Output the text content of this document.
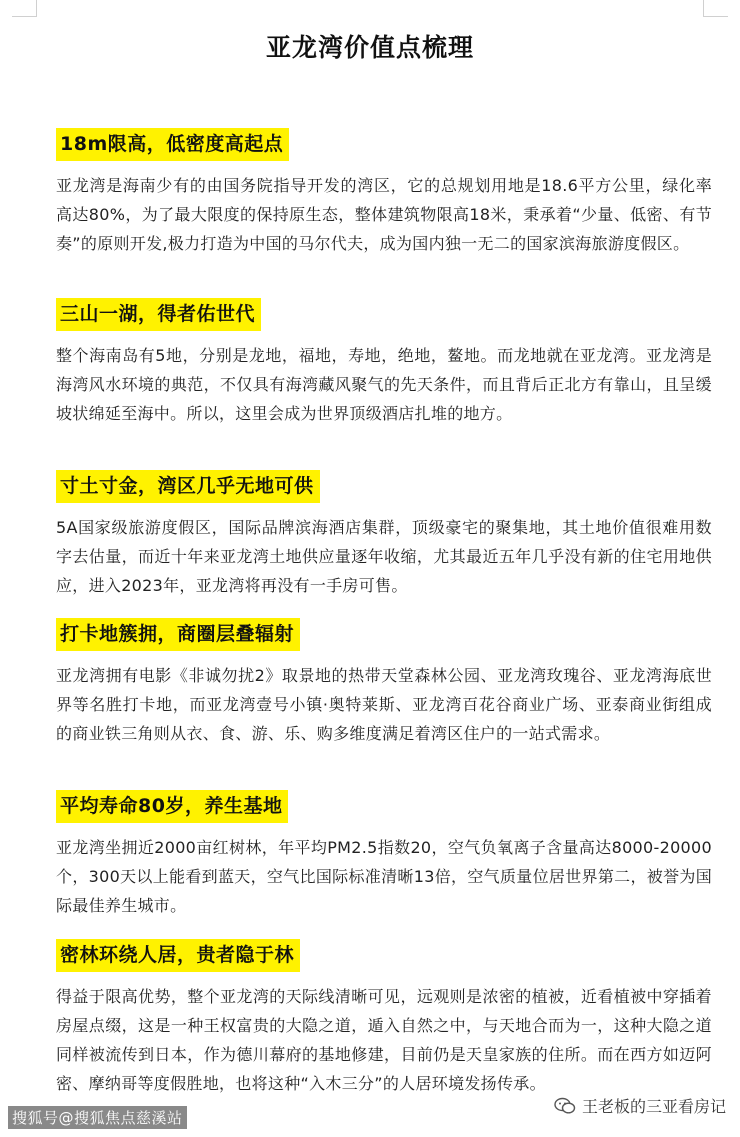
亚龙湾价值点梳理
18m限高，低密度高起点

亚龙湾是海南少有的由国务院指导开发的湾区，它的总规划用地是18.6平方公里，绿化率高达80%，为了最大限度的保持原生态，整体建筑物限高18米，秉承着“少量、低密、有节奏”的原则开发,极力打造为中国的马尔代夫，成为国内独一无二的国家滨海旅游度假区。

三山一湖，得者佑世代

整个海南岛有5地，分别是龙地，福地，寿地，绝地，鳌地。而龙地就在亚龙湾。亚龙湾是海湾风水环境的典范，不仅具有海湾藏风聚气的先天条件，而且背后正北方有靠山，且呈缓坡状绵延至海中。所以，这里会成为世界顶级酒店扎堆的地方。

寸土寸金，湾区几乎无地可供

5A国家级旅游度假区，国际品牌滨海酒店集群，顶级豪宅的聚集地，其土地价值很难用数字去估量，而近十年来亚龙湾土地供应量逐年收缩，尤其最近五年几乎没有新的住宅用地供应，进入2023年，亚龙湾将再没有一手房可售。

打卡地簇拥，商圈层叠辐射

亚龙湾拥有电影《非诚勿扰2》取景地的热带天堂森林公园、亚龙湾玫瑰谷、亚龙湾海底世界等名胜打卡地，而亚龙湾壹号小镇·奥特莱斯、亚龙湾百花谷商业广场、亚泰商业街组成的商业铁三角则从衣、食、游、乐、购多维度满足着湾区住户的一站式需求。

平均寿命80岁，养生基地

亚龙湾坐拥近2000亩红树林，年平均PM2.5指数20，空气负氧离子含量高达8000-20000个，300天以上能看到蓝天，空气比国际标准清晰13倍，空气质量位居世界第二，被誉为国际最佳养生城市。

密林环绕人居，贵者隐于林

得益于限高优势，整个亚龙湾的天际线清晰可见，远观则是浓密的植被，近看植被中穿插着房屋点缀，这是一种王权富贵的大隐之道，遁入自然之中，与天地合而为一，这种大隐之道同样被流传到日本，作为德川幕府的基地修建，目前仍是天皇家族的住所。而在西方如迈阿密、摩纳哥等度假胜地，也将这种“入木三分”的人居环境发扬传承。

搜狐号@搜狐焦点慈溪站
王老板的三亚看房记
